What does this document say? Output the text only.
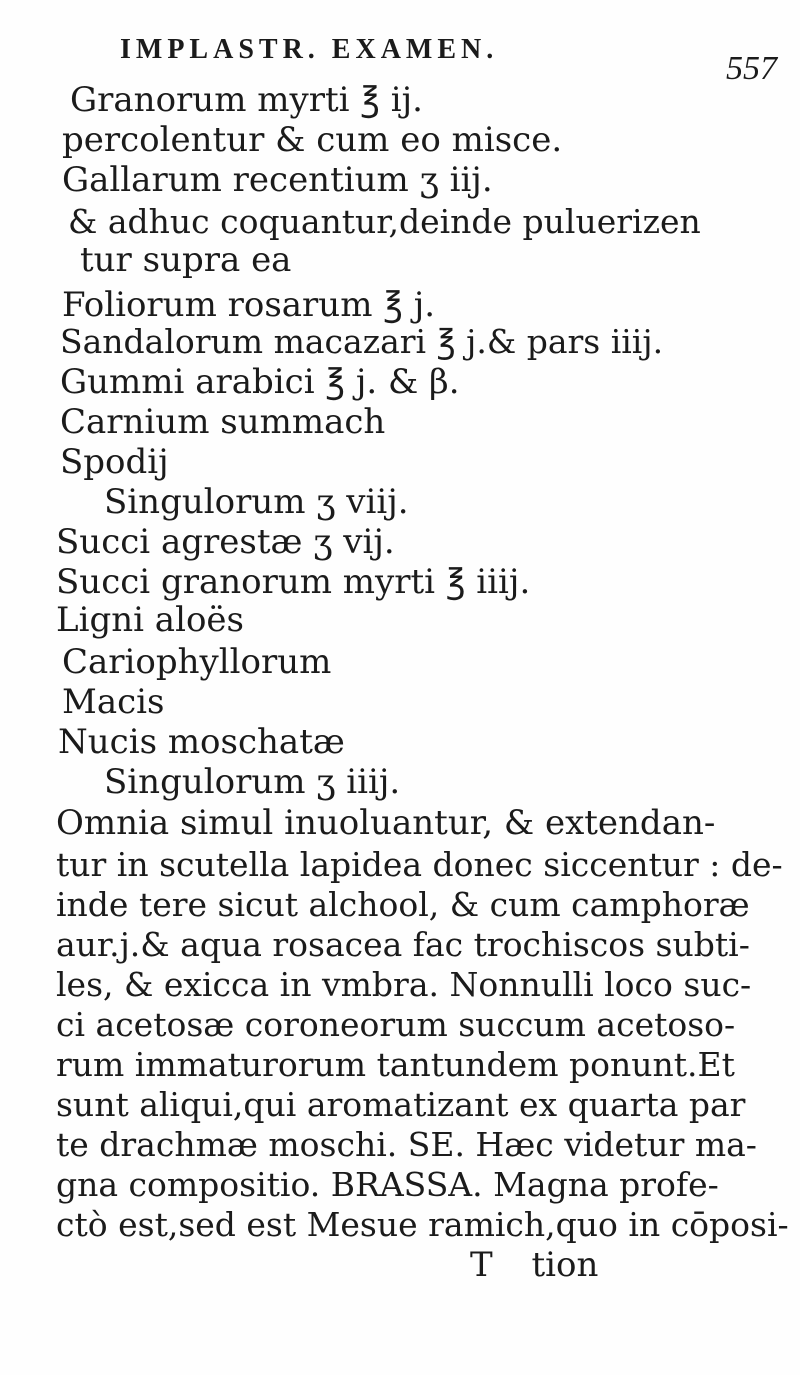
IMPLASTR. EXAMEN.
557
Granorum myrti ℥ ij.
percolentur & cum eo misce.
Gallarum recentium ʒ iij.
& adhuc coquantur,deinde puluerizen
tur supra ea
Foliorum rosarum ℥ j.
Sandalorum macazari ℥ j.& pars iiij.
Gummi arabici ℥ j. & β.
Carnium summach
Spodij
Singulorum ʒ viij.
Succi agrestæ ʒ vij.
Succi granorum myrti ℥ iiij.
Ligni aloës
Cariophyllorum
Macis
Nucis moschatæ
Singulorum ʒ iiij.
Omnia simul inuoluantur, & extendan-
tur in scutella lapidea donec siccentur : de-
inde tere sicut alchool, & cum camphoræ
aur.j.& aqua rosacea fac trochiscos subti-
les, & exicca in vmbra. Nonnulli loco suc-
ci acetosæ coroneorum succum acetoso-
rum immaturorum tantundem ponunt.Et
sunt aliqui,qui aromatizant ex quarta par
te drachmæ moschi. SE. Hæc videtur ma-
gna compositio. BRASSA. Magna profe-
ctò est,sed est Mesue ramich,quo in cōposi-
T tion
